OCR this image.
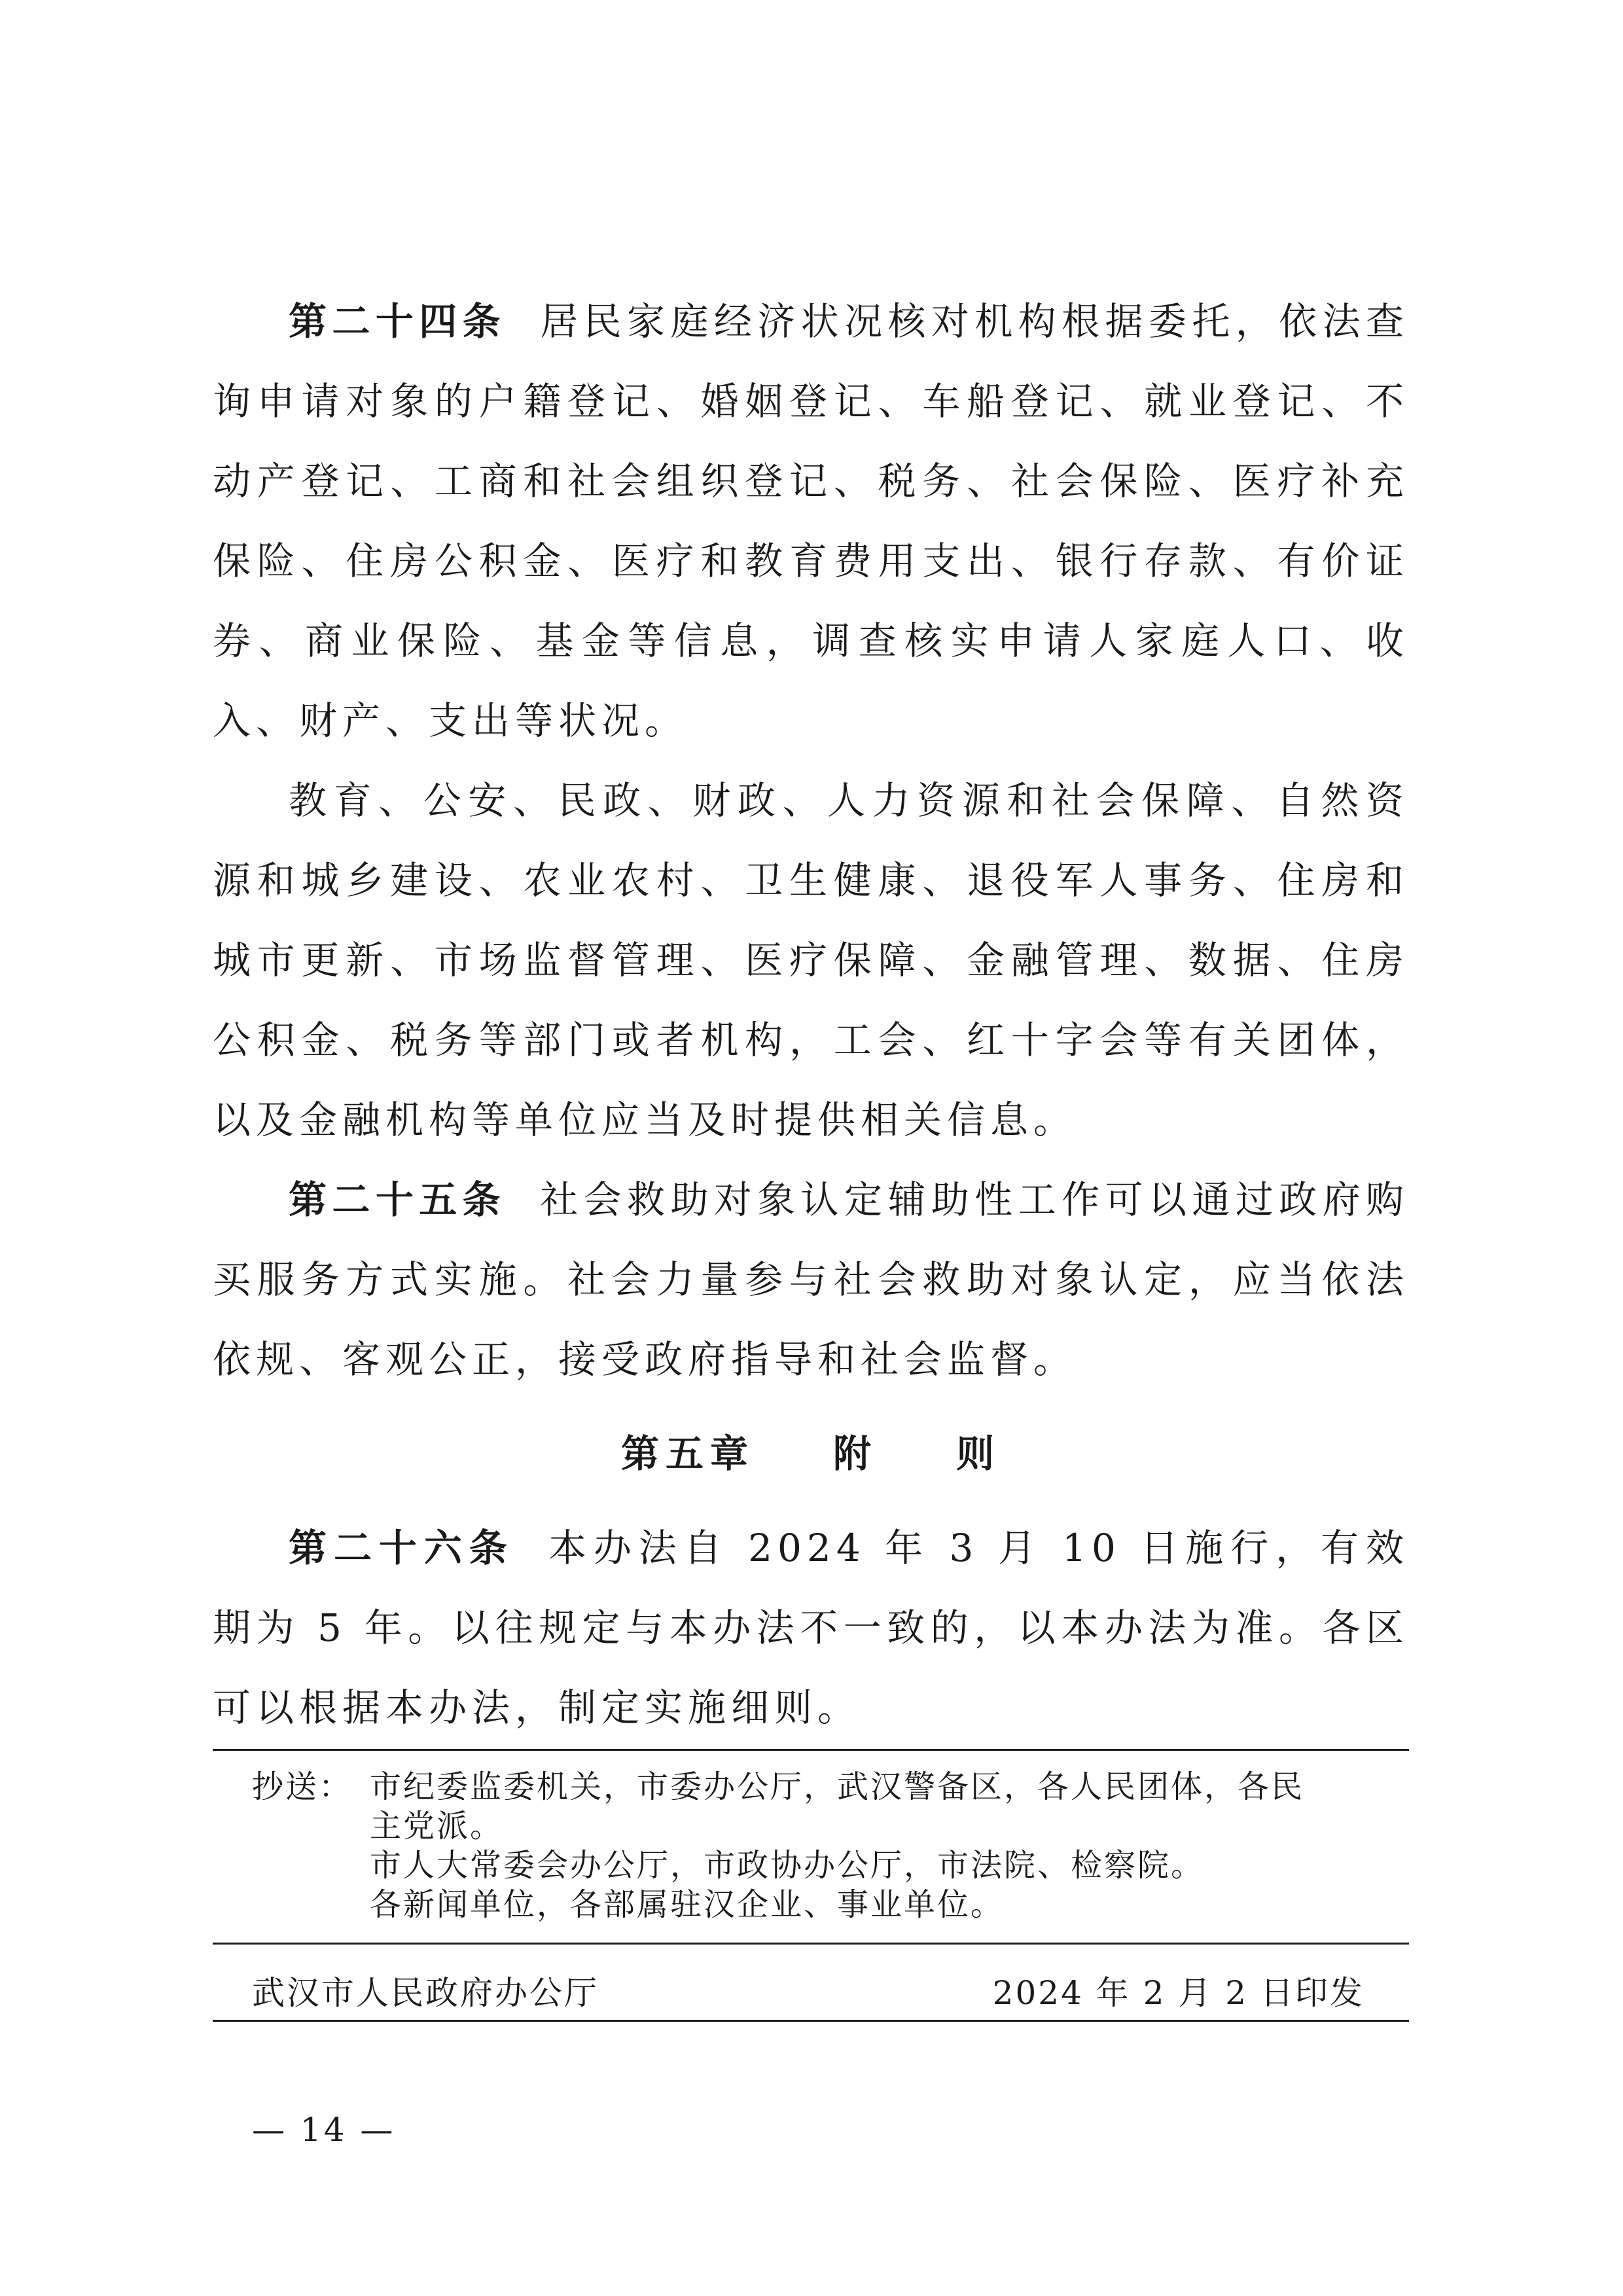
第二十四条 居民家庭经济状况核对机构根据委托，依法查询申请对象的户籍登记、婚姻登记、车船登记、就业登记、不动产登记、工商和社会组织登记、税务、社会保险、医疗补充保险、住房公积金、医疗和教育费用支出、银行存款、有价证券、商业保险、基金等信息，调查核实申请人家庭人口、收入、财产、支出等状况。

教育、公安、民政、财政、人力资源和社会保障、自然资源和城乡建设、农业农村、卫生健康、退役军人事务、住房和城市更新、市场监督管理、医疗保障、金融管理、数据、住房公积金、税务等部门或者机构，工会、红十字会等有关团体，以及金融机构等单位应当及时提供相关信息。

第二十五条 社会救助对象认定辅助性工作可以通过政府购买服务方式实施。社会力量参与社会救助对象认定，应当依法依规、客观公正，接受政府指导和社会监督。

第五章 附 则

第二十六条 本办法自 2024 年 3 月 10 日施行，有效期为 5 年。以往规定与本办法不一致的，以本办法为准。各区可以根据本办法，制定实施细则。

抄送： 市纪委监委机关，市委办公厅，武汉警备区，各人民团体，各民
主党派。
市人大常委会办公厅，市政协办公厅，市法院、检察院。
各新闻单位，各部属驻汉企业、事业单位。
武汉市人民政府办公厅	2024 年 2 月 2 日印发
— 14 —
